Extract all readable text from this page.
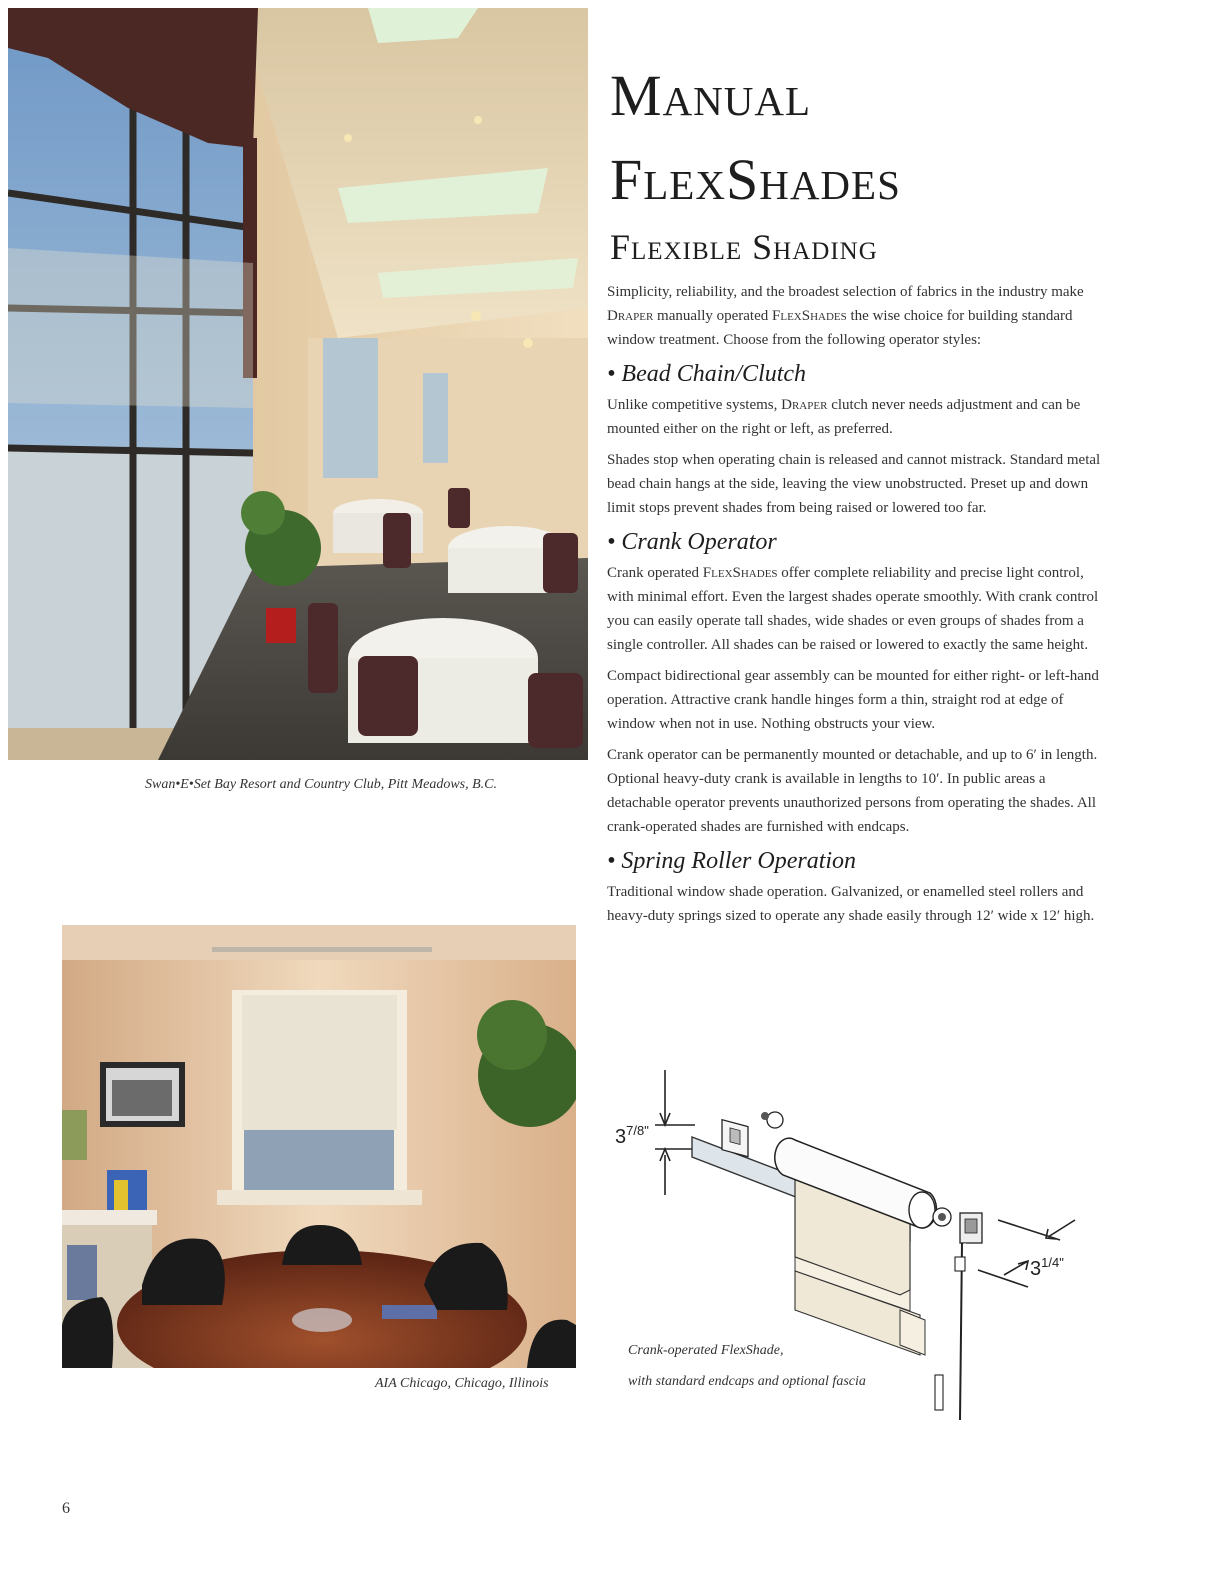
Swan•E•Set Bay Resort and Country Club, Pitt Meadows, B.C.
AIA Chicago, Chicago, Illinois
Manual
FlexShades
Flexible Shading

Simplicity, reliability, and the broadest selection of fabrics in the industry make Draper manually operated FlexShades the wise choice for building standard window treatment. Choose from the following operator styles:

• Bead Chain/Clutch

Unlike competitive systems, Draper clutch never needs adjustment and can be mounted either on the right or left, as preferred.

Shades stop when operating chain is released and cannot mistrack. Standard metal bead chain hangs at the side, leaving the view unobstructed. Preset up and down limit stops prevent shades from being raised or lowered too far.

• Crank Operator

Crank operated FlexShades offer complete reliability and precise light control, with minimal effort. Even the largest shades operate smoothly. With crank control you can easily operate tall shades, wide shades or even groups of shades from a single controller. All shades can be raised or lowered to exactly the same height.

Compact bidirectional gear assembly can be mounted for either right- or left-hand operation. Attractive crank handle hinges form a thin, straight rod at edge of window when not in use. Nothing obstructs your view.

Crank operator can be permanently mounted or detachable, and up to 6′ in length. Optional heavy-duty crank is available in lengths to 10′. In public areas a detachable operator prevents unauthorized persons from operating the shades. All crank-operated shades are furnished with endcaps.

• Spring Roller Operation

Traditional window shade operation. Galvanized, or enamelled steel rollers and heavy-duty springs sized to operate any shade easily through 12′ wide x 12′ high.

$3^{7/8"}$
$3^{1/4"}$
Crank-operated FlexShade,
with standard endcaps and optional fascia
6
